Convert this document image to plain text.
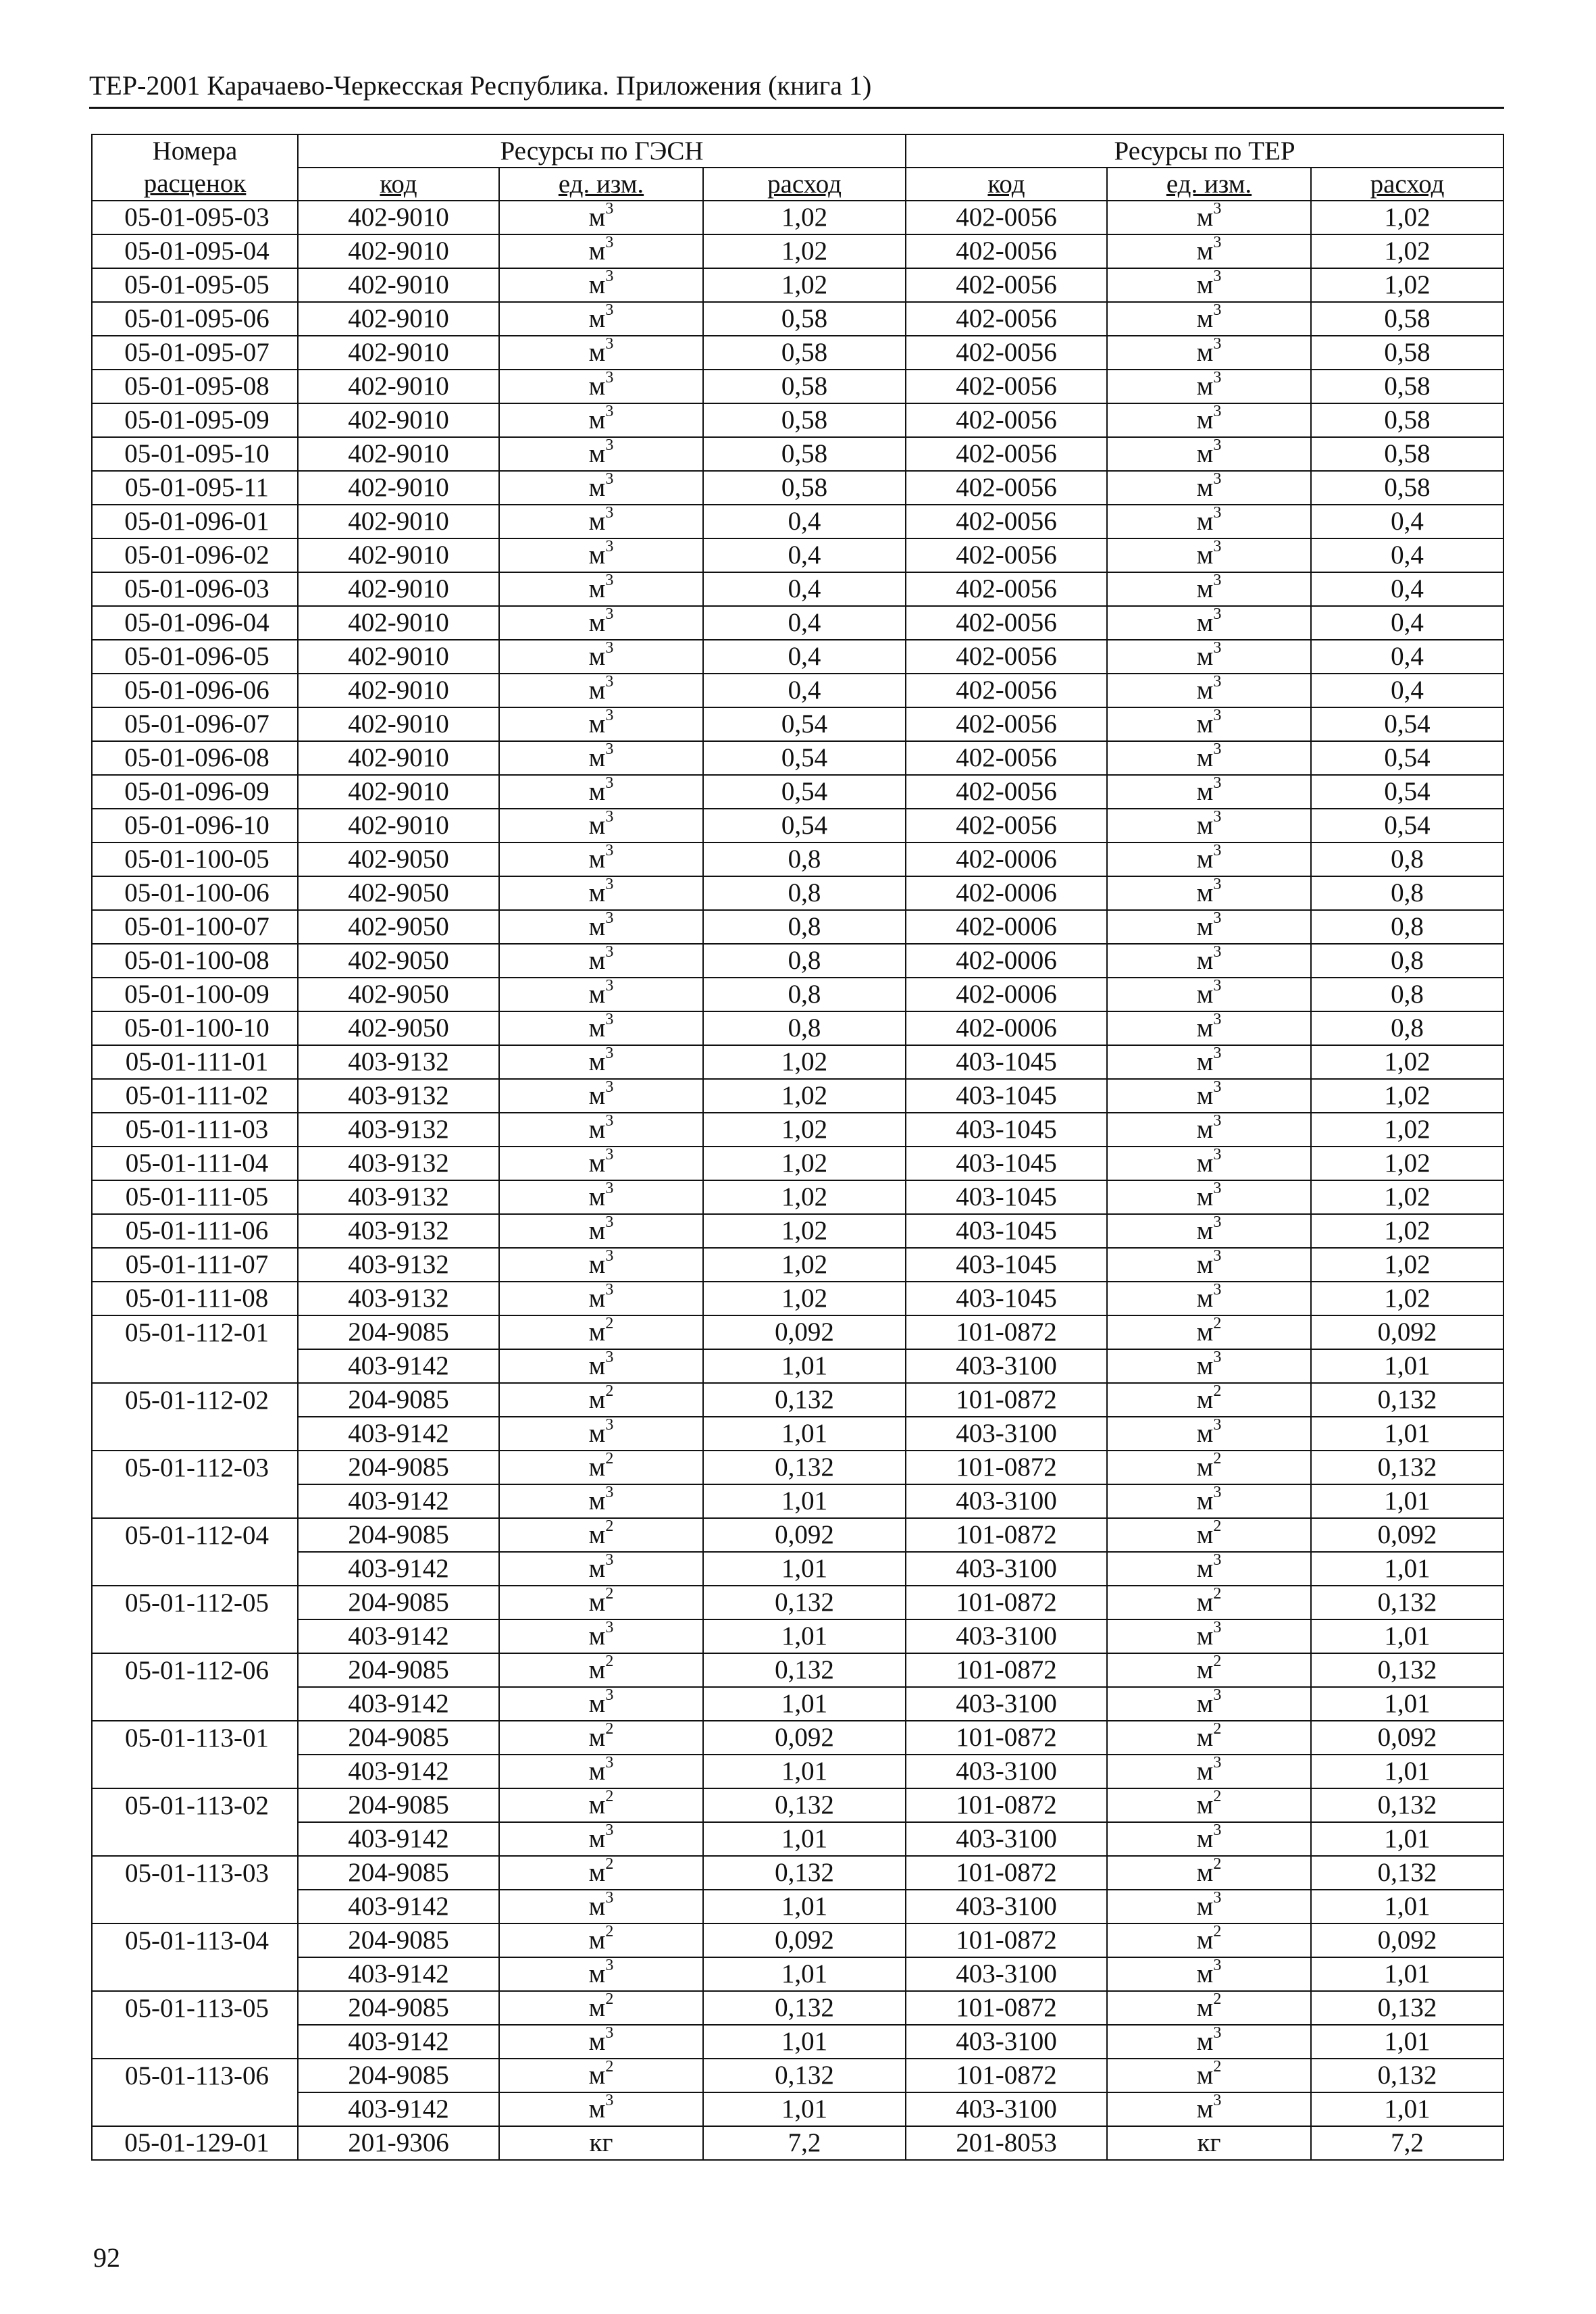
ТЕР-2001 Карачаево-Черкесская Республика. Приложения (книга 1)
Номера	Ресурсы по ГЭСН			Ресурсы по ТЕР		
расценок	код	ед. изм.	расход	код	ед. изм.	расход
05-01-095-03	402-9010	$м^3$	1,02	402-0056	$м^3$	1,02
05-01-095-04	402-9010	$м^3$	1,02	402-0056	$м^3$	1,02
05-01-095-05	402-9010	$м^3$	1,02	402-0056	$м^3$	1,02
05-01-095-06	402-9010	$м^3$	0,58	402-0056	$м^3$	0,58
05-01-095-07	402-9010	$м^3$	0,58	402-0056	$м^3$	0,58
05-01-095-08	402-9010	$м^3$	0,58	402-0056	$м^3$	0,58
05-01-095-09	402-9010	$м^3$	0,58	402-0056	$м^3$	0,58
05-01-095-10	402-9010	$м^3$	0,58	402-0056	$м^3$	0,58
05-01-095-11	402-9010	$м^3$	0,58	402-0056	$м^3$	0,58
05-01-096-01	402-9010	$м^3$	0,4	402-0056	$м^3$	0,4
05-01-096-02	402-9010	$м^3$	0,4	402-0056	$м^3$	0,4
05-01-096-03	402-9010	$м^3$	0,4	402-0056	$м^3$	0,4
05-01-096-04	402-9010	$м^3$	0,4	402-0056	$м^3$	0,4
05-01-096-05	402-9010	$м^3$	0,4	402-0056	$м^3$	0,4
05-01-096-06	402-9010	$м^3$	0,4	402-0056	$м^3$	0,4
05-01-096-07	402-9010	$м^3$	0,54	402-0056	$м^3$	0,54
05-01-096-08	402-9010	$м^3$	0,54	402-0056	$м^3$	0,54
05-01-096-09	402-9010	$м^3$	0,54	402-0056	$м^3$	0,54
05-01-096-10	402-9010	$м^3$	0,54	402-0056	$м^3$	0,54
05-01-100-05	402-9050	$м^3$	0,8	402-0006	$м^3$	0,8
05-01-100-06	402-9050	$м^3$	0,8	402-0006	$м^3$	0,8
05-01-100-07	402-9050	$м^3$	0,8	402-0006	$м^3$	0,8
05-01-100-08	402-9050	$м^3$	0,8	402-0006	$м^3$	0,8
05-01-100-09	402-9050	$м^3$	0,8	402-0006	$м^3$	0,8
05-01-100-10	402-9050	$м^3$	0,8	402-0006	$м^3$	0,8
05-01-111-01	403-9132	$м^3$	1,02	403-1045	$м^3$	1,02
05-01-111-02	403-9132	$м^3$	1,02	403-1045	$м^3$	1,02
05-01-111-03	403-9132	$м^3$	1,02	403-1045	$м^3$	1,02
05-01-111-04	403-9132	$м^3$	1,02	403-1045	$м^3$	1,02
05-01-111-05	403-9132	$м^3$	1,02	403-1045	$м^3$	1,02
05-01-111-06	403-9132	$м^3$	1,02	403-1045	$м^3$	1,02
05-01-111-07	403-9132	$м^3$	1,02	403-1045	$м^3$	1,02
05-01-111-08	403-9132	$м^3$	1,02	403-1045	$м^3$	1,02
05-01-112-01	204-9085	$м^2$	0,092	101-0872	$м^2$	0,092
	403-9142	$м^3$	1,01	403-3100	$м^3$	1,01
05-01-112-02	204-9085	$м^2$	0,132	101-0872	$м^2$	0,132
	403-9142	$м^3$	1,01	403-3100	$м^3$	1,01
05-01-112-03	204-9085	$м^2$	0,132	101-0872	$м^2$	0,132
	403-9142	$м^3$	1,01	403-3100	$м^3$	1,01
05-01-112-04	204-9085	$м^2$	0,092	101-0872	$м^2$	0,092
	403-9142	$м^3$	1,01	403-3100	$м^3$	1,01
05-01-112-05	204-9085	$м^2$	0,132	101-0872	$м^2$	0,132
	403-9142	$м^3$	1,01	403-3100	$м^3$	1,01
05-01-112-06	204-9085	$м^2$	0,132	101-0872	$м^2$	0,132
	403-9142	$м^3$	1,01	403-3100	$м^3$	1,01
05-01-113-01	204-9085	$м^2$	0,092	101-0872	$м^2$	0,092
	403-9142	$м^3$	1,01	403-3100	$м^3$	1,01
05-01-113-02	204-9085	$м^2$	0,132	101-0872	$м^2$	0,132
	403-9142	$м^3$	1,01	403-3100	$м^3$	1,01
05-01-113-03	204-9085	$м^2$	0,132	101-0872	$м^2$	0,132
	403-9142	$м^3$	1,01	403-3100	$м^3$	1,01
05-01-113-04	204-9085	$м^2$	0,092	101-0872	$м^2$	0,092
	403-9142	$м^3$	1,01	403-3100	$м^3$	1,01
05-01-113-05	204-9085	$м^2$	0,132	101-0872	$м^2$	0,132
	403-9142	$м^3$	1,01	403-3100	$м^3$	1,01
05-01-113-06	204-9085	$м^2$	0,132	101-0872	$м^2$	0,132
	403-9142	$м^3$	1,01	403-3100	$м^3$	1,01
05-01-129-01	201-9306	кг	7,2	201-8053	кг	7,2
92
